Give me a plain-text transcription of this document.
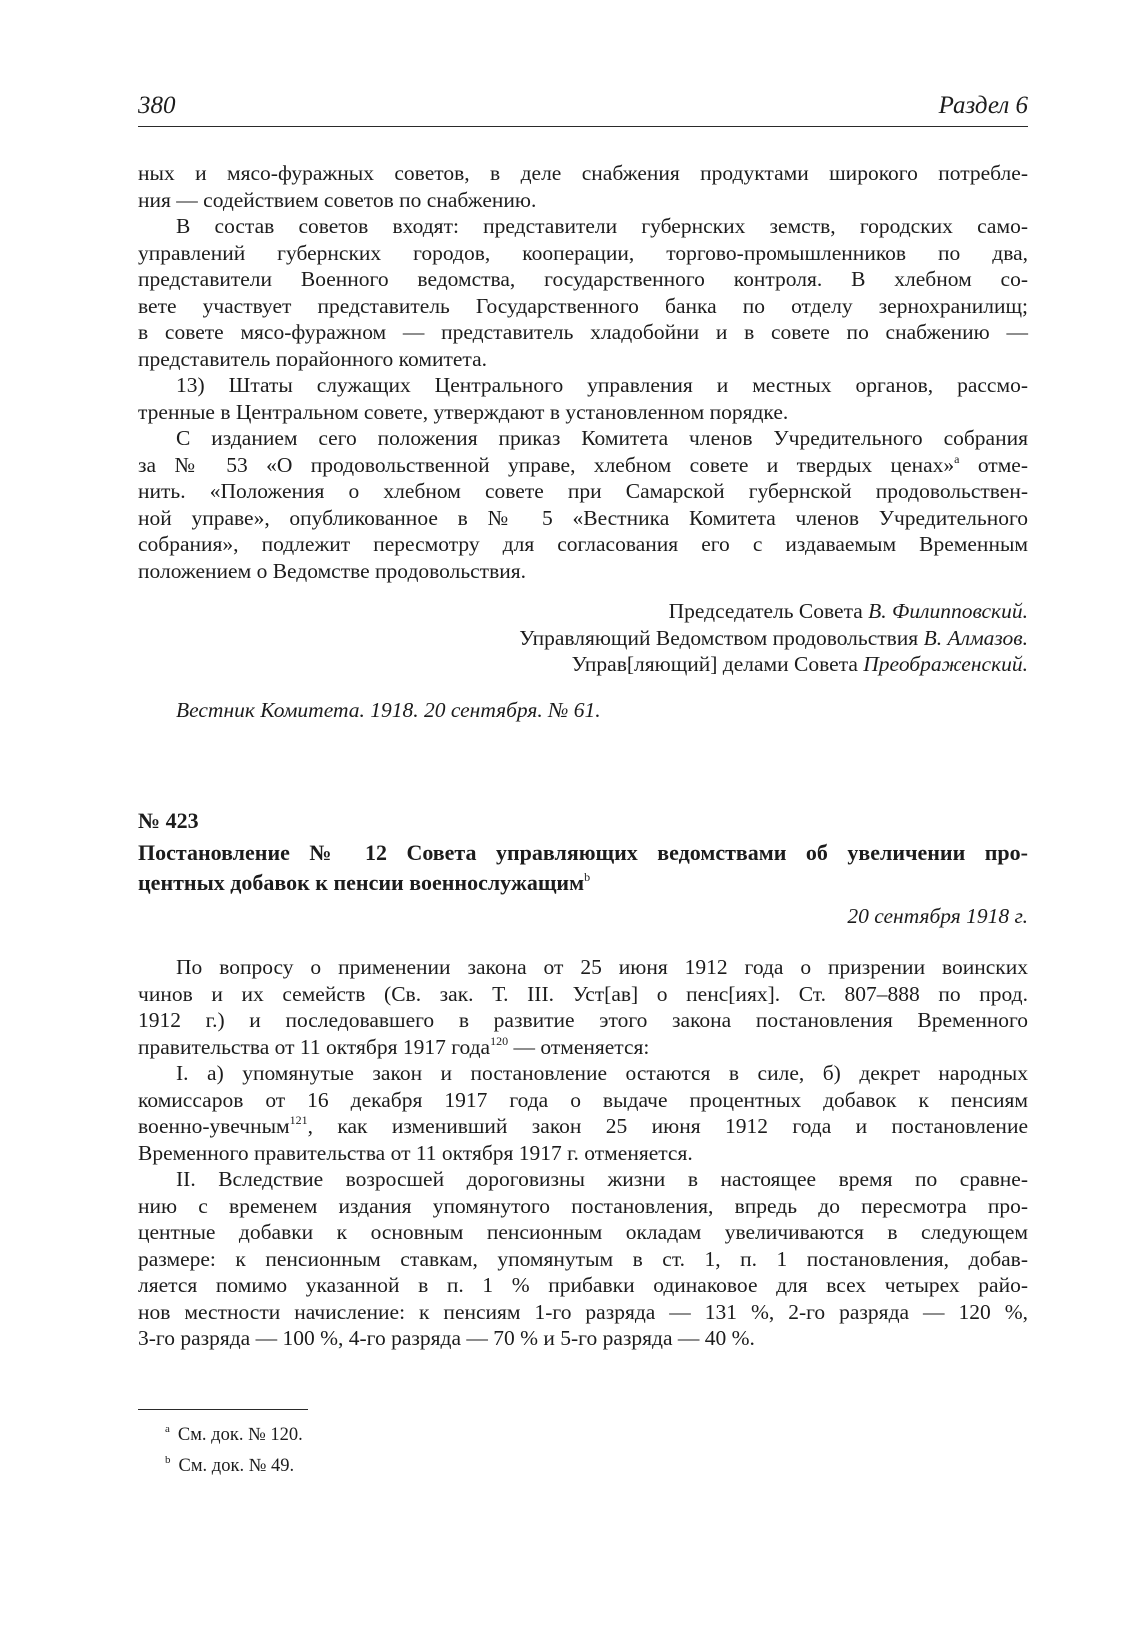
380	Раздел 6
ных и мясо-фуражных советов, в деле снабжения продуктами широкого потребле-
ния — содействием советов по снабжению.
В состав советов входят: представители губернских земств, городских само-
управлений губернских городов, кооперации, торгово-промышленников по два,
представители Военного ведомства, государственного контроля. В хлебном со-
вете участвует представитель Государственного банка по отделу зернохранилищ;
в совете мясо-фуражном — представитель хладобойни и в совете по снабжению —
представитель порайонного комитета.
13) Штаты служащих Центрального управления и местных органов, рассмо-
тренные в Центральном совете, утверждают в установленном порядке.
С изданием сего положения приказ Комитета членов Учредительного собрания
за № 53 «О продовольственной управе, хлебном совете и твердых ценах»$^a$ отме-
нить. «Положения о хлебном совете при Самарской губернской продовольствен-
ной управе», опубликованное в № 5 «Вестника Комитета членов Учредительного
собрания», подлежит пересмотру для согласования его с издаваемым Временным
положением о Ведомстве продовольствия.
Председатель Совета В. Филипповский.
Управляющий Ведомством продовольствия В. Алмазов.
Управ[ляющий] делами Совета Преображенский.
Вестник Комитета. 1918. 20 сентября. № 61.
№ 423
Постановление № 12 Совета управляющих ведомствами об увеличении про-
центных добавок к пенсии военнослужащим$^b$
20 сентября 1918 г.
По вопросу о применении закона от 25 июня 1912 года о призрении воинских
чинов и их семейств (Св. зак. Т. III. Уст[ав] о пенс[иях]. Ст. 807–888 по прод.
1912 г.) и последовавшего в развитие этого закона постановления Временного
правительства от 11 октября 1917 года$^{120}$ — отменяется:
I. а) упомянутые закон и постановление остаются в силе, б) декрет народных
комиссаров от 16 декабря 1917 года о выдаче процентных добавок к пенсиям
военно-увечным$^{121}$, как изменивший закон 25 июня 1912 года и постановление
Временного правительства от 11 октября 1917 г. отменяется.
II. Вследствие возросшей дороговизны жизни в настоящее время по сравне-
нию с временем издания упомянутого постановления, впредь до пересмотра про-
центные добавки к основным пенсионным окладам увеличиваются в следующем
размере: к пенсионным ставкам, упомянутым в ст. 1, п. 1 постановления, добав-
ляется помимо указанной в п. 1 % прибавки одинаковое для всех четырех райо-
нов местности начисление: к пенсиям 1-го разряда — 131 %, 2-го разряда — 120 %,
3-го разряда — 100 %, 4-го разряда — 70 % и 5-го разряда — 40 %.
$^a$ См. док. № 120.
$^b$ См. док. № 49.
